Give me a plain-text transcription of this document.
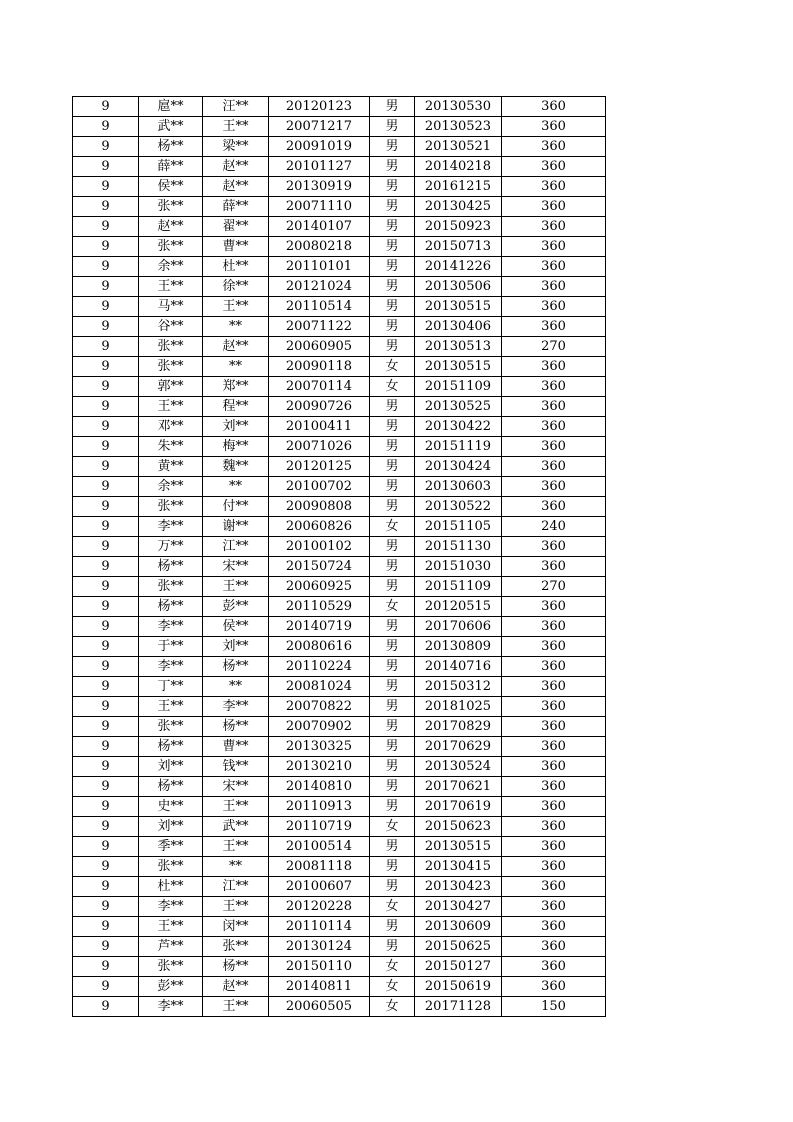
9	扈**	汪**	20120123	男	20130530	360
9	武**	王**	20071217	男	20130523	360
9	杨**	梁**	20091019	男	20130521	360
9	薛**	赵**	20101127	男	20140218	360
9	侯**	赵**	20130919	男	20161215	360
9	张**	薛**	20071110	男	20130425	360
9	赵**	翟**	20140107	男	20150923	360
9	张**	曹**	20080218	男	20150713	360
9	余**	杜**	20110101	男	20141226	360
9	王**	徐**	20121024	男	20130506	360
9	马**	王**	20110514	男	20130515	360
9	谷**	**	20071122	男	20130406	360
9	张**	赵**	20060905	男	20130513	270
9	张**	**	20090118	女	20130515	360
9	郭**	郑**	20070114	女	20151109	360
9	王**	程**	20090726	男	20130525	360
9	邓**	刘**	20100411	男	20130422	360
9	朱**	梅**	20071026	男	20151119	360
9	黄**	魏**	20120125	男	20130424	360
9	余**	**	20100702	男	20130603	360
9	张**	付**	20090808	男	20130522	360
9	李**	谢**	20060826	女	20151105	240
9	万**	江**	20100102	男	20151130	360
9	杨**	宋**	20150724	男	20151030	360
9	张**	王**	20060925	男	20151109	270
9	杨**	彭**	20110529	女	20120515	360
9	李**	侯**	20140719	男	20170606	360
9	于**	刘**	20080616	男	20130809	360
9	李**	杨**	20110224	男	20140716	360
9	丁**	**	20081024	男	20150312	360
9	王**	李**	20070822	男	20181025	360
9	张**	杨**	20070902	男	20170829	360
9	杨**	曹**	20130325	男	20170629	360
9	刘**	钱**	20130210	男	20130524	360
9	杨**	宋**	20140810	男	20170621	360
9	史**	王**	20110913	男	20170619	360
9	刘**	武**	20110719	女	20150623	360
9	季**	王**	20100514	男	20130515	360
9	张**	**	20081118	男	20130415	360
9	杜**	江**	20100607	男	20130423	360
9	李**	王**	20120228	女	20130427	360
9	王**	闵**	20110114	男	20130609	360
9	芦**	张**	20130124	男	20150625	360
9	张**	杨**	20150110	女	20150127	360
9	彭**	赵**	20140811	女	20150619	360
9	李**	王**	20060505	女	20171128	150
